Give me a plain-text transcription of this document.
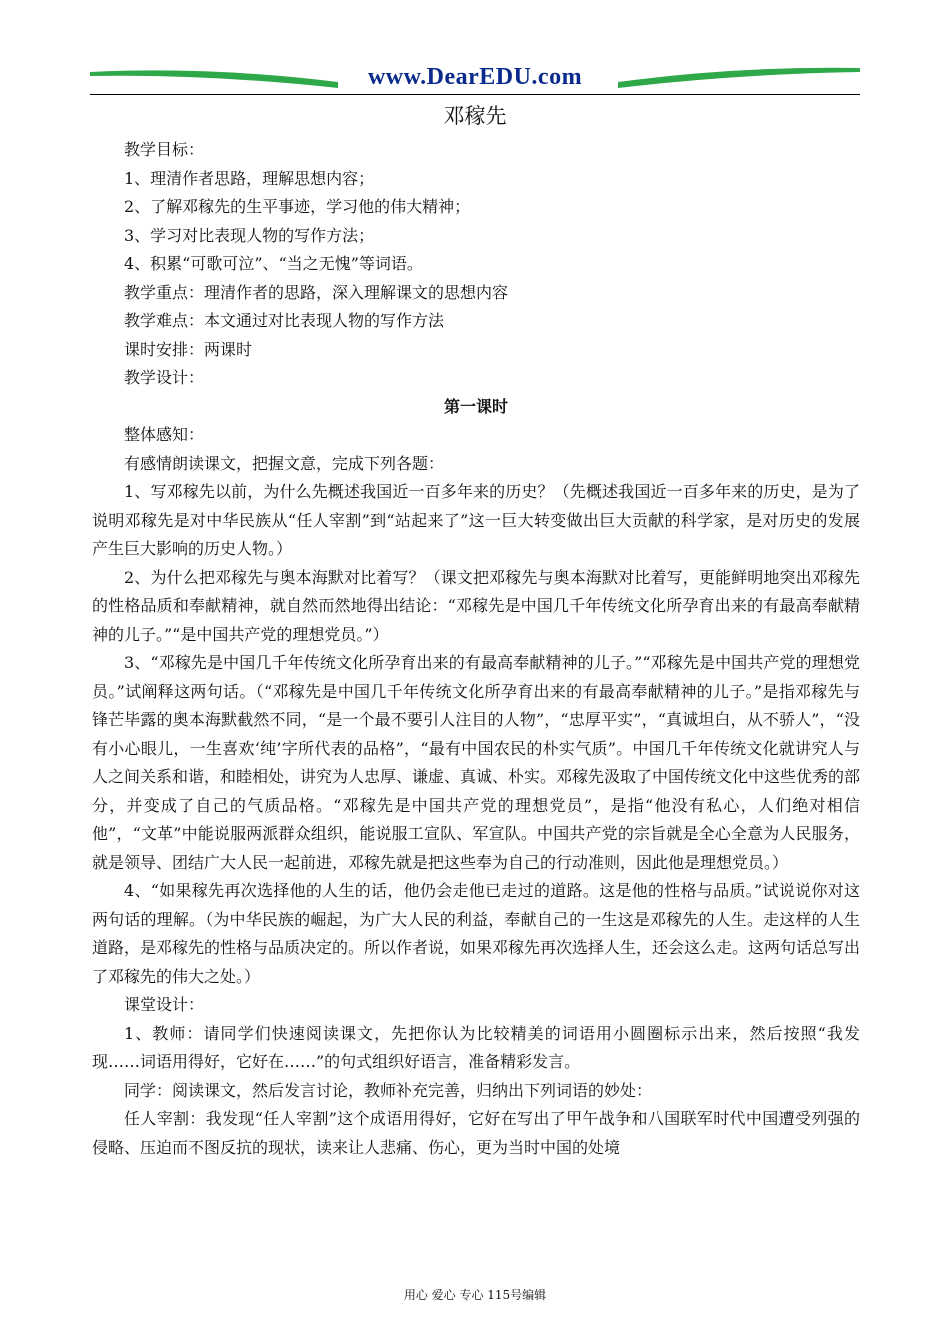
www.DearEDU.com
邓稼先

教学目标：

1、理清作者思路，理解思想内容；

2、了解邓稼先的生平事迹，学习他的伟大精神；

3、学习对比表现人物的写作方法；

4、积累“可歌可泣”、“当之无愧”等词语。

教学重点：理清作者的思路，深入理解课文的思想内容

教学难点：本文通过对比表现人物的写作方法

课时安排：两课时

教学设计：

第一课时

整体感知：

有感情朗读课文，把握文意，完成下列各题：

1、写邓稼先以前，为什么先概述我国近一百多年来的历史？（先概述我国近一百多年来的历史，是为了说明邓稼先是对中华民族从“任人宰割”到“站起来了”这一巨大转变做出巨大贡献的科学家，是对历史的发展产生巨大影响的历史人物。）

2、为什么把邓稼先与奥本海默对比着写？（课文把邓稼先与奥本海默对比着写，更能鲜明地突出邓稼先的性格品质和奉献精神，就自然而然地得出结论：“邓稼先是中国几千年传统文化所孕育出来的有最高奉献精神的儿子。”“是中国共产党的理想党员。”）

3、“邓稼先是中国几千年传统文化所孕育出来的有最高奉献精神的儿子。”“邓稼先是中国共产党的理想党员。”试阐释这两句话。（“邓稼先是中国几千年传统文化所孕育出来的有最高奉献精神的儿子。”是指邓稼先与锋芒毕露的奥本海默截然不同，“是一个最不要引人注目的人物”，“忠厚平实”，“真诚坦白，从不骄人”，“没有小心眼儿，一生喜欢‘纯’字所代表的品格”，“最有中国农民的朴实气质”。中国几千年传统文化就讲究人与人之间关系和谐，和睦相处，讲究为人忠厚、谦虚、真诚、朴实。邓稼先汲取了中国传统文化中这些优秀的部分，并变成了自己的气质品格。“邓稼先是中国共产党的理想党员”，是指“他没有私心，人们绝对相信他”，“文革”中能说服两派群众组织，能说服工宣队、军宣队。中国共产党的宗旨就是全心全意为人民服务，就是领导、团结广大人民一起前进，邓稼先就是把这些奉为自己的行动准则，因此他是理想党员。）

4、“如果稼先再次选择他的人生的话，他仍会走他已走过的道路。这是他的性格与品质。”试说说你对这两句话的理解。（为中华民族的崛起，为广大人民的利益，奉献自己的一生这是邓稼先的人生。走这样的人生道路，是邓稼先的性格与品质决定的。所以作者说，如果邓稼先再次选择人生，还会这么走。这两句话总写出了邓稼先的伟大之处。）

课堂设计：

1、教师：请同学们快速阅读课文，先把你认为比较精美的词语用小圆圈标示出来，然后按照“我发现……词语用得好，它好在……”的句式组织好语言，准备精彩发言。

同学：阅读课文，然后发言讨论，教师补充完善，归纳出下列词语的妙处：

任人宰割：我发现“任人宰割”这个成语用得好，它好在写出了甲午战争和八国联军时代中国遭受列强的侵略、压迫而不图反抗的现状，读来让人悲痛、伤心，更为当时中国的处境

用心 爱心 专心 115号编辑
